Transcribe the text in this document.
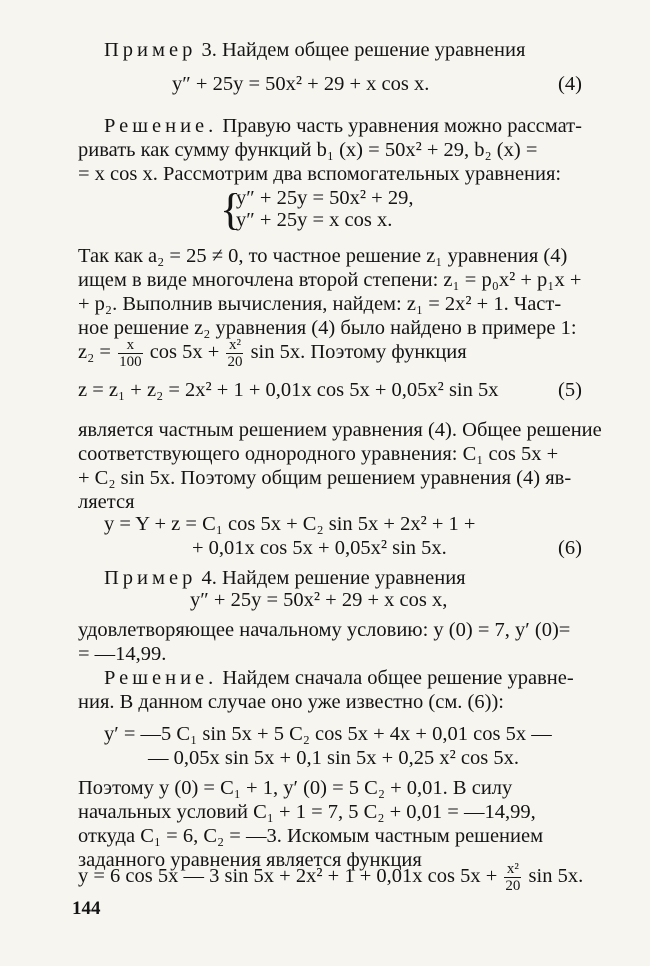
Пример 3. Найдем общее решение уравнения
y″ + 25y = 50x² + 29 + x cos x.	(4)
Решение. Правую часть уравнения можно рассмат-
ривать как сумму функций b₁ (x) = 50x² + 29, b₂ (x) =
= x cos x. Рассмотрим два вспомогательных уравнения:
{
y″ + 25y = 50x² + 29,
y″ + 25y = x cos x.
Так как a₂ = 25 ≠ 0, то частное решение z₁ уравнения (4)
ищем в виде многочлена второй степени: z₁ = p₀x² + p₁x +
+ p₂. Выполнив вычисления, найдем: z₁ = 2x² + 1. Част-
ное решение z₂ уравнения (4) было найдено в примере 1:
$z_2 = \frac{x}{100}$ $\cos 5x + \frac{\text{x²}}{20}$ sin 5x. Поэтому функция
z = z₁ + z₂ = 2x² + 1 + 0,01x cos 5x + 0,05x² sin 5x	(5)
является частным решением уравнения (4). Общее решение
соответствующего однородного уравнения: C₁ cos 5x +
+ C₂ sin 5x. Поэтому общим решением уравнения (4) яв-
ляется
y = Y + z = C₁ cos 5x + C₂ sin 5x + 2x² + 1 +
+ 0,01x cos 5x + 0,05x² sin 5x.	(6)
Пример 4. Найдем решение уравнения
y″ + 25y = 50x² + 29 + x cos x,
удовлетворяющее начальному условию: y (0) = 7, y′ (0)=
= —14,99.
Решение. Найдем сначала общее решение уравне-
ния. В данном случае оно уже известно (см. (6)):
y′ = —5 C₁ sin 5x + 5 C₂ cos 5x + 4x + 0,01 cos 5x —
— 0,05x sin 5x + 0,1 sin 5x + 0,25 x² cos 5x.
Поэтому y (0) = C₁ + 1, y′ (0) = 5 C₂ + 0,01. В силу
начальных условий C₁ + 1 = 7, 5 C₂ + 0,01 = —14,99,
откуда C₁ = 6, C₂ = —3. Искомым частным решением
заданного уравнения является функция
y = 6 cos 5x — 3 sin 5x + 2x² + 1 + 0,01x $\cos 5x + \frac{\text{x²}}{20}$ sin 5x.
144
